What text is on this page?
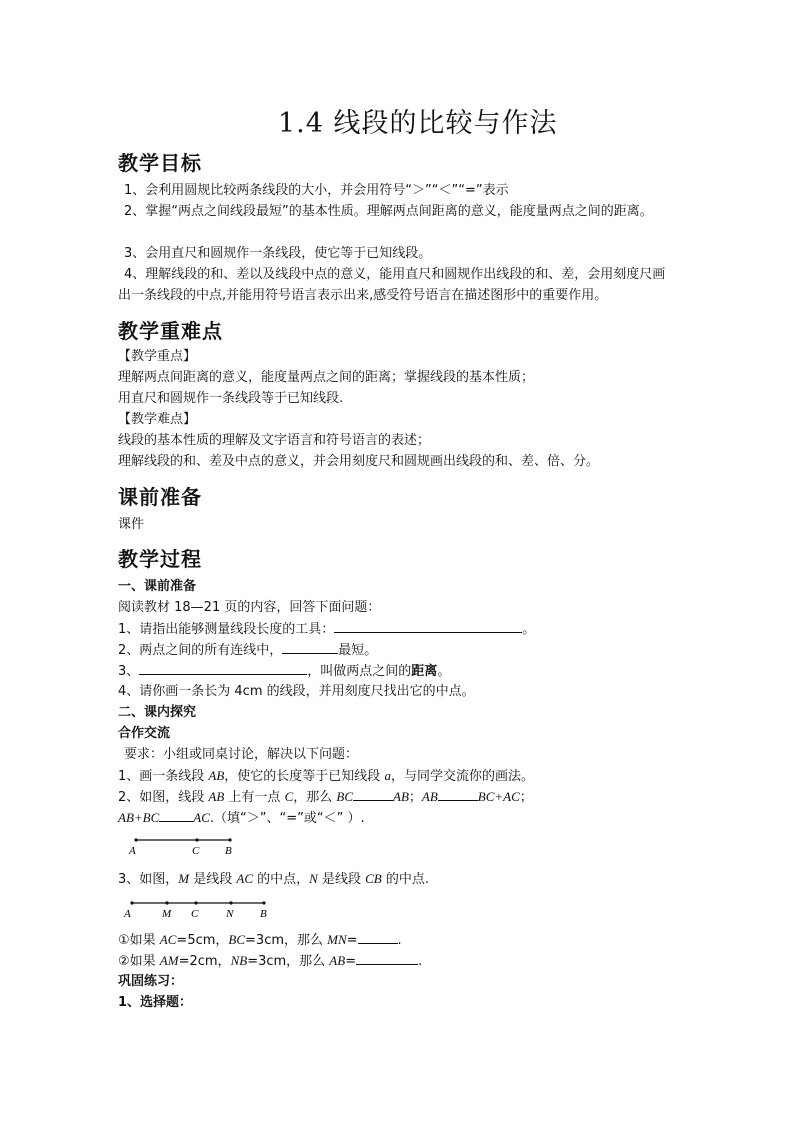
1.4 线段的比较与作法
教学目标

1、会利用圆规比较两条线段的大小，并会用符号“＞”“＜”“=”表示

2、掌握“两点之间线段最短”的基本性质。理解两点间距离的意义，能度量两点之间的距离。

3、会用直尺和圆规作一条线段，使它等于已知线段。

4、理解线段的和、差以及线段中点的意义，能用直尺和圆规作出线段的和、差，会用刻度尺画出一条线段的中点,并能用符号语言表示出来,感受符号语言在描述图形中的重要作用。

教学重难点

【教学重点】

理解两点间距离的意义，能度量两点之间的距离；掌握线段的基本性质；

用直尺和圆规作一条线段等于已知线段.

【教学难点】

线段的基本性质的理解及文字语言和符号语言的表述；

理解线段的和、差及中点的意义，并会用刻度尺和圆规画出线段的和、差、倍、分。

课前准备

课件

教学过程

一、课前准备

阅读教材 18—21 页的内容，回答下面问题：

1、请指出能够测量线段长度的工具：	。

2、两点之间的所有连线中，	最短。

3、	，叫做两点之间的距离。

4、请你画一条长为 4cm 的线段，并用刻度尺找出它的中点。

二、课内探究

合作交流

要求：小组或同桌讨论，解决以下问题：

1、画一条线段 AB，使它的长度等于已知线段 a，与同学交流你的画法。

2、如图，线段 AB 上有一点 C，那么 BC	AB；AB	BC+AC；

AB+BC	AC.（填“＞”、“=”或“＜” ）.

A	C B

3、如图，M 是线段 AC 的中点，N 是线段 CB 的中点.

A	M C	N B

①如果 AC=5cm，BC=3cm，那么 MN=	.

②如果 AM=2cm，NB=3cm，那么 AB=	.

巩固练习：

1、选择题：
